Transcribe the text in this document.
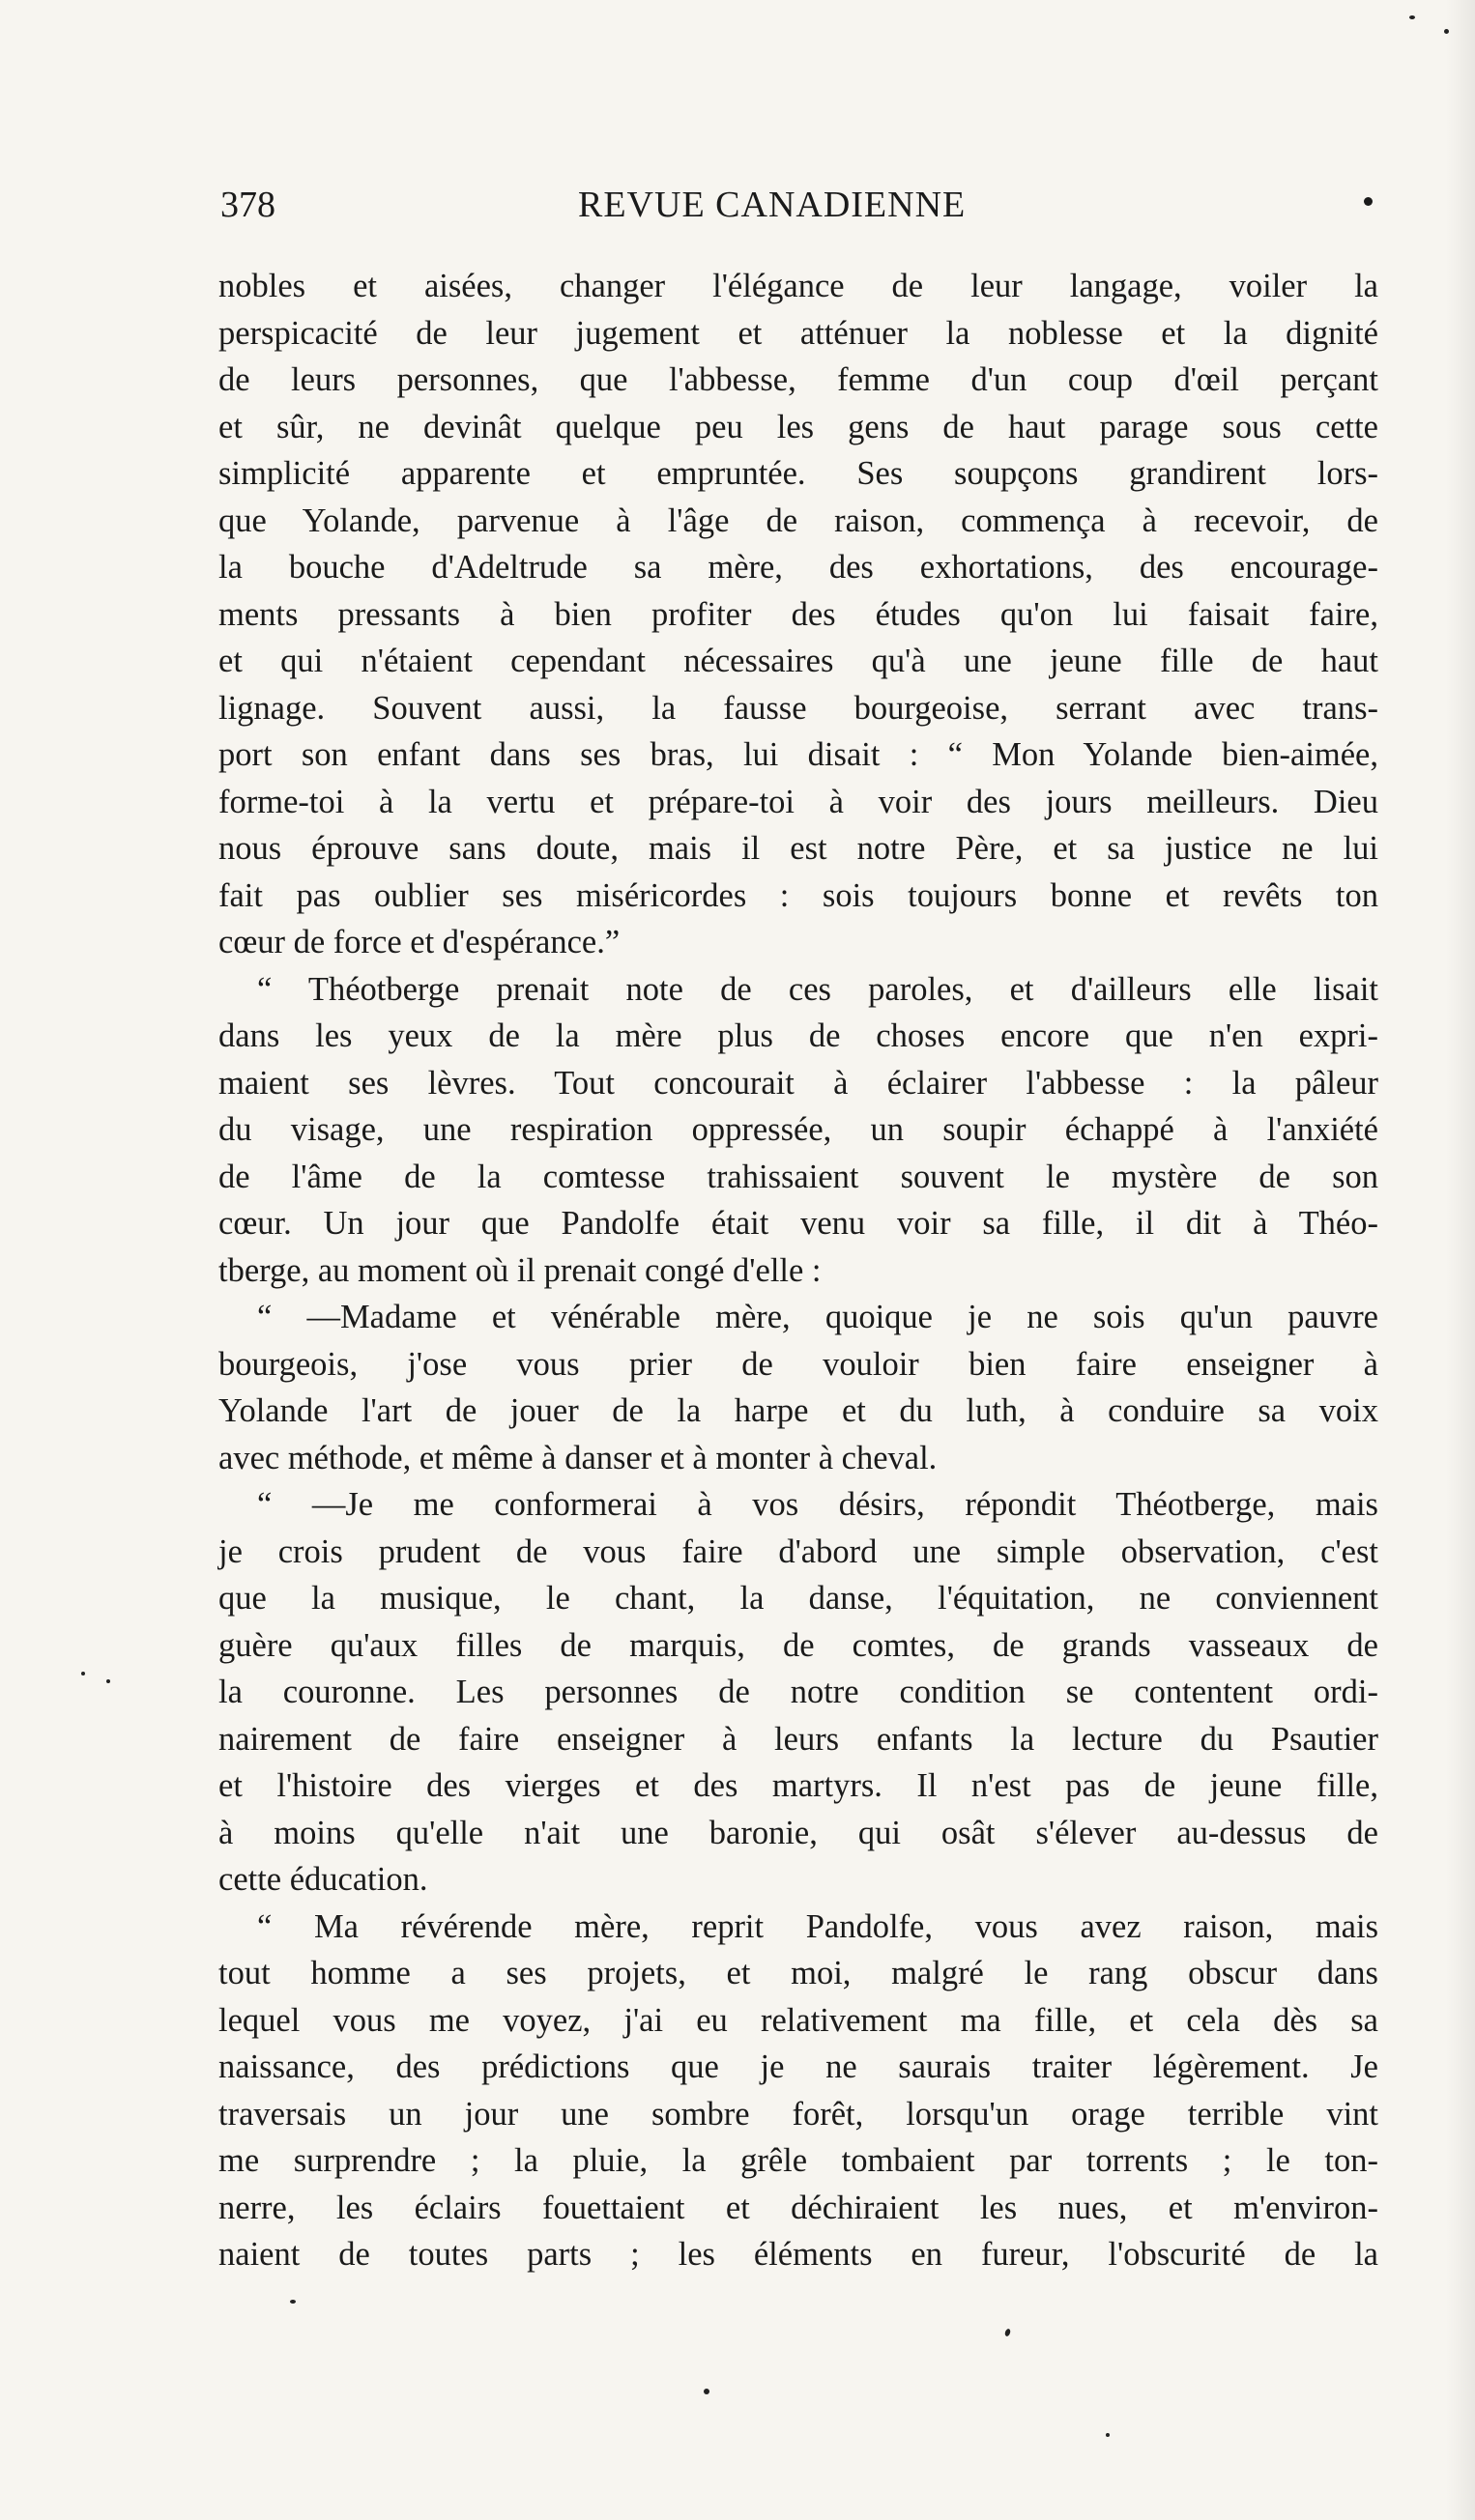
378	REVUE CANADIENNE
nobles et aisées, changer l'élégance de leur langage, voiler la
perspicacité de leur jugement et atténuer la noblesse et la dignité
de leurs personnes, que l'abbesse, femme d'un coup d'œil perçant
et sûr, ne devinât quelque peu les gens de haut parage sous cette
simplicité apparente et empruntée. Ses soupçons grandirent lors-
que Yolande, parvenue à l'âge de raison, commença à recevoir, de
la bouche d'Adeltrude sa mère, des exhortations, des encourage-
ments pressants à bien profiter des études qu'on lui faisait faire,
et qui n'étaient cependant nécessaires qu'à une jeune fille de haut
lignage. Souvent aussi, la fausse bourgeoise, serrant avec trans-
port son enfant dans ses bras, lui disait : “ Mon Yolande bien-aimée,
forme-toi à la vertu et prépare-toi à voir des jours meilleurs. Dieu
nous éprouve sans doute, mais il est notre Père, et sa justice ne lui
fait pas oublier ses miséricordes : sois toujours bonne et revêts ton
cœur de force et d'espérance.”
“ Théotberge prenait note de ces paroles, et d'ailleurs elle lisait
dans les yeux de la mère plus de choses encore que n'en expri-
maient ses lèvres. Tout concourait à éclairer l'abbesse : la pâleur
du visage, une respiration oppressée, un soupir échappé à l'anxiété
de l'âme de la comtesse trahissaient souvent le mystère de son
cœur. Un jour que Pandolfe était venu voir sa fille, il dit à Théo-
tberge, au moment où il prenait congé d'elle :
“ —Madame et vénérable mère, quoique je ne sois qu'un pauvre
bourgeois, j'ose vous prier de vouloir bien faire enseigner à
Yolande l'art de jouer de la harpe et du luth, à conduire sa voix
avec méthode, et même à danser et à monter à cheval.
“ —Je me conformerai à vos désirs, répondit Théotberge, mais
je crois prudent de vous faire d'abord une simple observation, c'est
que la musique, le chant, la danse, l'équitation, ne conviennent
guère qu'aux filles de marquis, de comtes, de grands vasseaux de
la couronne. Les personnes de notre condition se contentent ordi-
nairement de faire enseigner à leurs enfants la lecture du Psautier
et l'histoire des vierges et des martyrs. Il n'est pas de jeune fille,
à moins qu'elle n'ait une baronie, qui osât s'élever au-dessus de
cette éducation.
“ Ma révérende mère, reprit Pandolfe, vous avez raison, mais
tout homme a ses projets, et moi, malgré le rang obscur dans
lequel vous me voyez, j'ai eu relativement ma fille, et cela dès sa
naissance, des prédictions que je ne saurais traiter légèrement. Je
traversais un jour une sombre forêt, lorsqu'un orage terrible vint
me surprendre ; la pluie, la grêle tombaient par torrents ; le ton-
nerre, les éclairs fouettaient et déchiraient les nues, et m'environ-
naient de toutes parts ; les éléments en fureur, l'obscurité de la
